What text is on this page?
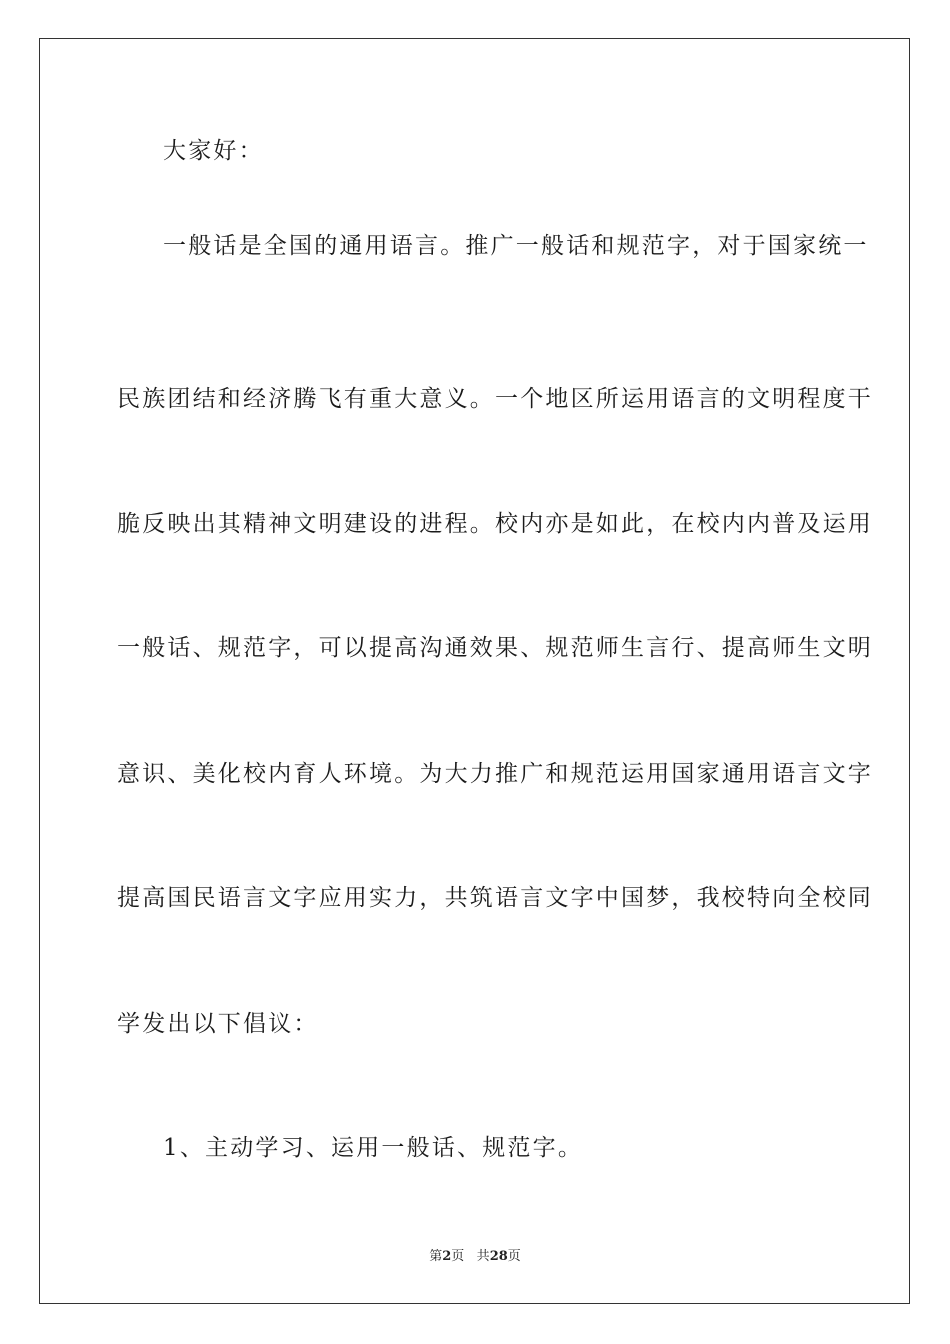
大家好：
一般话是全国的通用语言。推广一般话和规范字，对于国家统一
民族团结和经济腾飞有重大意义。一个地区所运用语言的文明程度干
脆反映出其精神文明建设的进程。校内亦是如此，在校内内普及运用
一般话、规范字，可以提高沟通效果、规范师生言行、提高师生文明
意识、美化校内育人环境。为大力推广和规范运用国家通用语言文字
提高国民语言文字应用实力，共筑语言文字中国梦，我校特向全校同
学发出以下倡议：
1、主动学习、运用一般话、规范字。
第2页 共28页
